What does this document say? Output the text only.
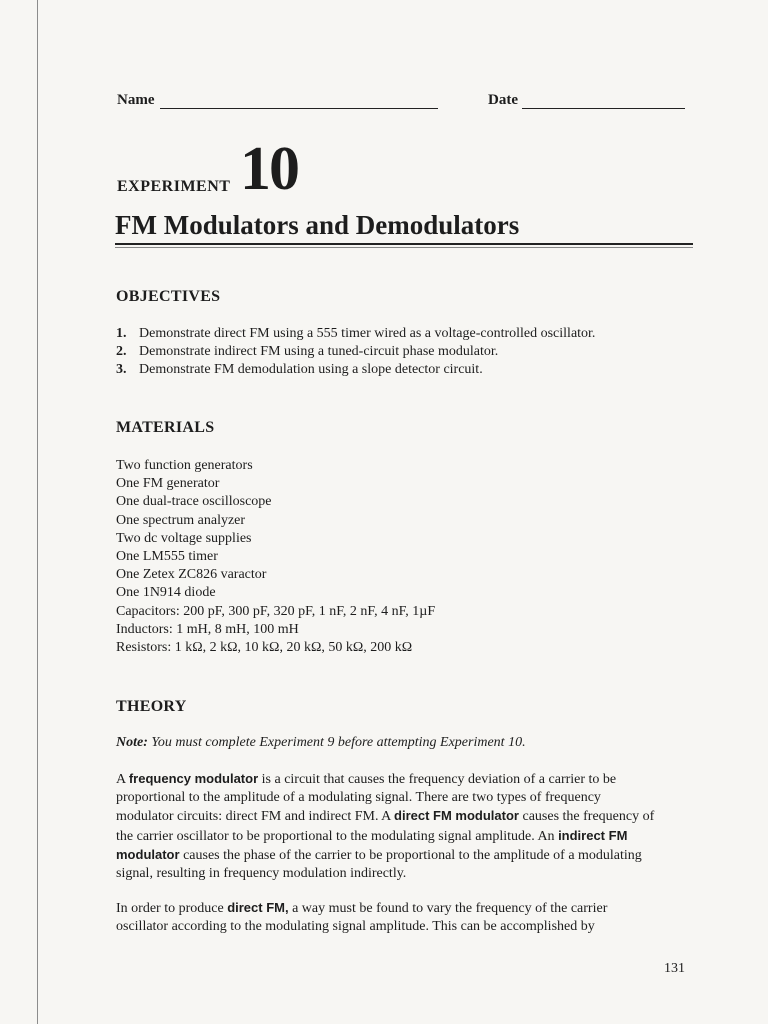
Name	Date
EXPERIMENT 10
FM Modulators and Demodulators
OBJECTIVES
1. Demonstrate direct FM using a 555 timer wired as a voltage-controlled oscillator.
2. Demonstrate indirect FM using a tuned-circuit phase modulator.
3. Demonstrate FM demodulation using a slope detector circuit.
MATERIALS
Two function generators
One FM generator
One dual-trace oscilloscope
One spectrum analyzer
Two dc voltage supplies
One LM555 timer
One Zetex ZC826 varactor
One 1N914 diode
Capacitors: 200 pF, 300 pF, 320 pF, 1 nF, 2 nF, 4 nF, 1µF
Inductors: 1 mH, 8 mH, 100 mH
Resistors: 1 kΩ, 2 kΩ, 10 kΩ, 20 kΩ, 50 kΩ, 200 kΩ
THEORY
Note: You must complete Experiment 9 before attempting Experiment 10.

A frequency modulator is a circuit that causes the frequency deviation of a carrier to be proportional to the amplitude of a modulating signal. There are two types of frequency modulator circuits: direct FM and indirect FM. A direct FM modulator causes the frequency of the carrier oscillator to be proportional to the modulating signal amplitude. An indirect FM modulator causes the phase of the carrier to be proportional to the amplitude of a modulating signal, resulting in frequency modulation indirectly.

In order to produce direct FM, a way must be found to vary the frequency of the carrier oscillator according to the modulating signal amplitude. This can be accomplished by

131
